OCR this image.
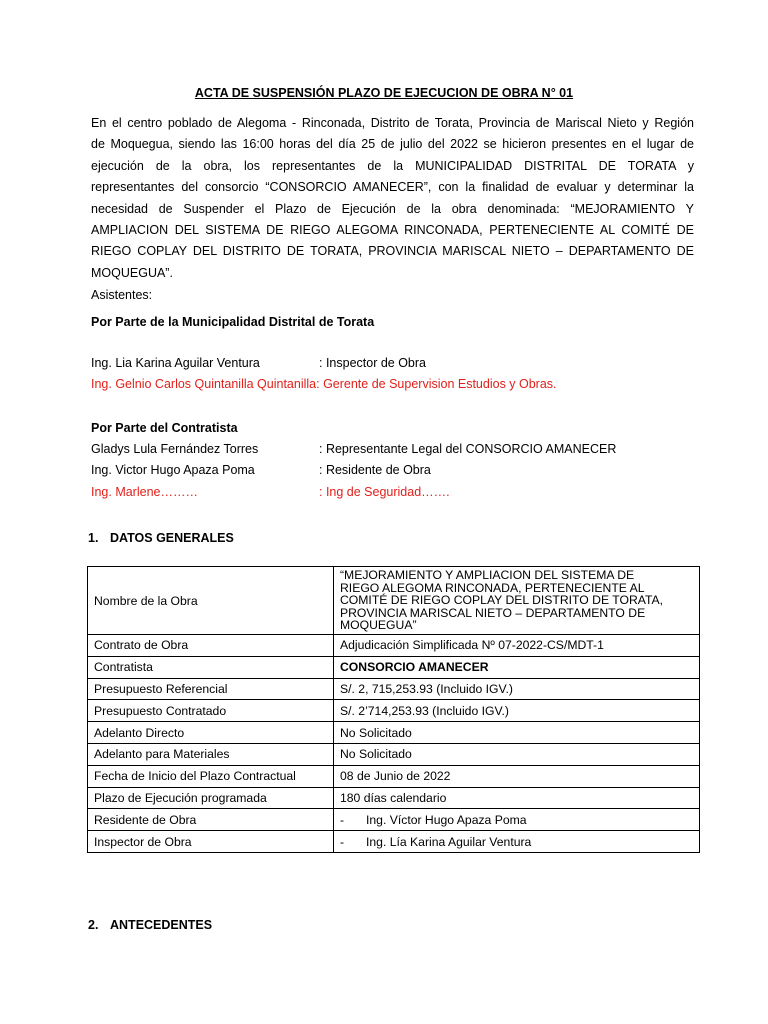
ACTA DE SUSPENSIÓN PLAZO DE EJECUCION DE OBRA N° 01
En el centro poblado de Alegoma - Rinconada, Distrito de Torata, Provincia de Mariscal Nieto y Región
de Moquegua, siendo las 16:00 horas del día 25 de julio del 2022 se hicieron presentes en el lugar de
ejecución de la obra, los representantes de la MUNICIPALIDAD DISTRITAL DE TORATA y
representantes del consorcio “CONSORCIO AMANECER”, con la finalidad de evaluar y determinar la
necesidad de Suspender el Plazo de Ejecución de la obra denominada: “MEJORAMIENTO Y
AMPLIACION DEL SISTEMA DE RIEGO ALEGOMA RINCONADA, PERTENECIENTE AL COMITÉ DE
RIEGO COPLAY DEL DISTRITO DE TORATA, PROVINCIA MARISCAL NIETO – DEPARTAMENTO DE
MOQUEGUA”.
Asistentes:
Por Parte de la Municipalidad Distrital de Torata
Ing. Lia Karina Aguilar Ventura	: Inspector de Obra
Ing. Gelnio Carlos Quintanilla Quintanilla: Gerente de Supervision Estudios y Obras.
Por Parte del Contratista
Gladys Lula Fernández Torres	: Representante Legal del CONSORCIO AMANECER
Ing. Victor Hugo Apaza Poma	: Residente de Obra
Ing. Marlene………	: Ing de Seguridad…….
1. DATOS GENERALES
Nombre de la Obra	“MEJORAMIENTO Y AMPLIACION DEL SISTEMA DE
RIEGO ALEGOMA RINCONADA, PERTENECIENTE AL
COMITÉ DE RIEGO COPLAY DEL DISTRITO DE TORATA,
PROVINCIA MARISCAL NIETO – DEPARTAMENTO DE
MOQUEGUA”

Contrato de Obra	Adjudicación Simplificada Nº 07-2022-CS/MDT-1
Contratista	CONSORCIO AMANECER
Presupuesto Referencial	S/. 2, 715,253.93 (Incluido IGV.)
Presupuesto Contratado	S/. 2’714,253.93 (Incluido IGV.)
Adelanto Directo	No Solicitado
Adelanto para Materiales	No Solicitado
Fecha de Inicio del Plazo Contractual	08 de Junio de 2022
Plazo de Ejecución programada	180 días calendario
Residente de Obra	- Ing. Víctor Hugo Apaza Poma
Inspector de Obra	- Ing. Lía Karina Aguilar Ventura
2. ANTECEDENTES
